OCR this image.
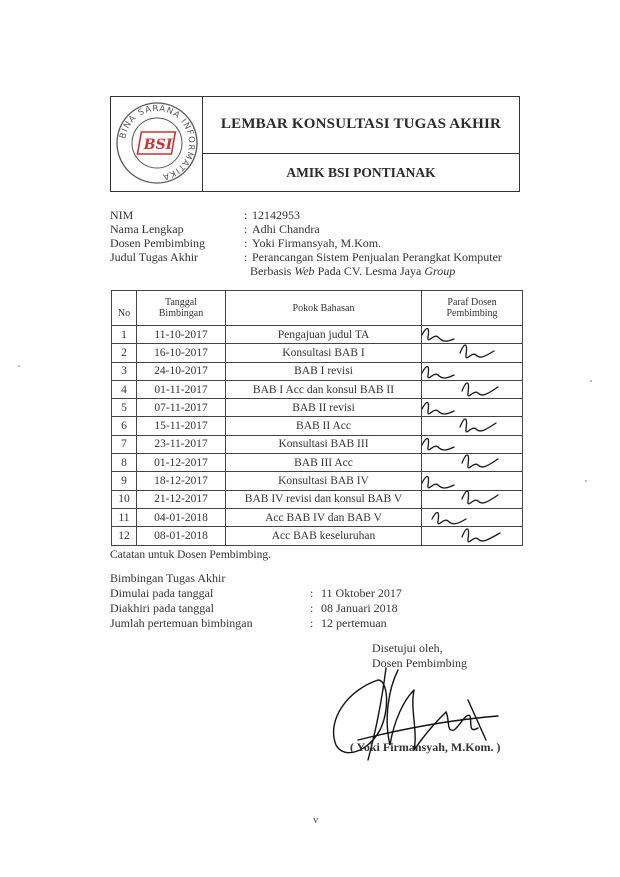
LEMBAR KONSULTASI TUGAS AKHIR
AMIK BSI PONTIANAK
BINA SARANA INFORMATIKA
BSI
NIM	: 12142953
Nama Lengkap	: Adhi Chandra
Dosen Pembimbing	: Yoki Firmansyah, M.Kom.
Judul Tugas Akhir	: Perancangan Sistem Penjualan Perangkat Komputer
Berbasis Web Pada CV. Lesma Jaya Group
No	Tanggal Bimbingan	Pokok Bahasan	Paraf Dosen Pembimbing
1	11-10-2017	Pengajuan judul TA	
2	16-10-2017	Konsultasi BAB I	
3	24-10-2017	BAB I revisi	
4	01-11-2017	BAB I Acc dan konsul BAB II	
5	07-11-2017	BAB II revisi	
6	15-11-2017	BAB II Acc	
7	23-11-2017	Konsultasi BAB III	
8	01-12-2017	BAB III Acc	
9	18-12-2017	Konsultasi BAB IV	
10	21-12-2017	BAB IV revisi dan konsul BAB V	
11	04-01-2018	Acc BAB IV dan BAB V	
12	08-01-2018	Acc BAB keseluruhan	
Catatan untuk Dosen Pembimbing.
Bimbingan Tugas Akhir
Dimulai pada tanggal	: 11 Oktober 2017
Diakhiri pada tanggal	: 08 Januari 2018
Jumlah pertemuan bimbingan	: 12 pertemuan
Disetujui oleh,
Dosen Pembimbing
( Yoki Firmansyah, M.Kom. )
v
